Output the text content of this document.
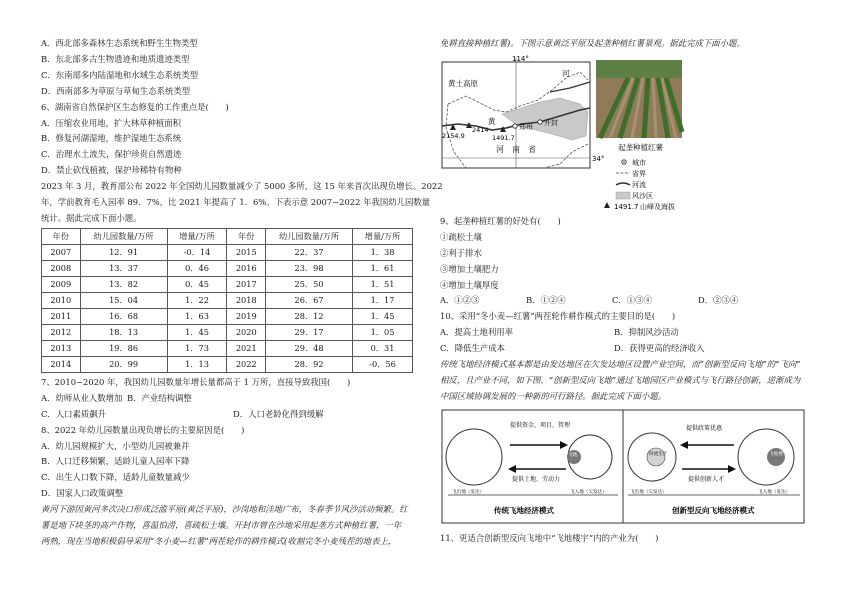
A．西北部多森林生态系统和野生生物类型
B．东北部多古生物遗迹和地质遗迹类型
C．东南部多内陆湿地和水域生态系统类型
D．西南部多为草原与草甸生态系统类型
6、湖南省自然保护区生态修复的工作重点是(　　)
A．压缩农业用地，扩大林草种植面积
B．修复河湖湿地，维护湿地生态系统
C．治理水土流失，保护珍贵自然遗迹
D．禁止砍伐植被，保护珍稀特有物种
2023 年 3 月，教育部公布 2022 年全国幼儿园数量减少了 5000 多所，这 15 年来首次出现负增长。2022
年，学前教育毛入园率 89．7%，比 2021 年提高了 1．6%。下表示意 2007~2022 年我国幼儿园数量
统计。据此完成下面小题。
年份	幼儿园数量/万所	增量/万所	年份	幼儿园数量/万所	增量/万所
2007	12．91	-0．14	2015	22．37	1．38
2008	13．37	0．46	2016	23．98	1．61
2009	13．82	0．45	2017	25．50	1．51
2010	15．04	1．22	2018	26．67	1．17
2011	16．68	1．63	2019	28．12	1．45
2012	18．13	1．45	2020	29．17	1．05
2013	19．86	1．73	2021	29．48	0．31
2014	20．99	1．13	2022	28．92	-0．56
7、2010~2020 年，我国幼儿园数量年增长量都高于 1 万所，直接导致我国(　　)
A．幼师从业人数增加 B．产业结构调整
C．人口素质飙升	D．人口老龄化得到缓解
8、2022 年幼儿园数量出现负增长的主要原因是(　　)
A．幼儿园规模扩大，小型幼儿园被兼并
B．人口迁移频繁，适龄儿童人园率下降
C．出生人口数下降，适龄儿童数量减少
D．国家人口政策调整
黄河下游因黄河多次决口形成泛滥平原(黄泛平原)，沙岗地和洼地广布，冬春季节风沙活动频繁。红
薯是地下块茎的高产作物，喜温怕涝，喜疏松土壤。开封市曾在沙地采用起垄方式种植红薯，一年
两熟，现在当地积极倡导采用“冬小麦—红薯”两茬轮作的耕作模式(收割完冬小麦残茬的地表上，
免耕直接种植红薯)。下图示意黄泛平原及起垄种植红薯景观。据此完成下面小题。
114°
34°
黄土高原
河
黄
郑州 开封
河　南　省
2154.9
2414
1491.7
起垄种植红薯
城市
省界
河流
风沙区
1491.7 山峰及海拔
9、起垄种植红薯的好处有(　　)
①疏松土壤
②利于排水
③增加土壤肥力
④增加土壤厚度
A．①②③	B．①②④	C．①③④	D．②③④
10、采用“冬小麦—红薯”两茬轮作耕作模式的主要目的是(　　)
A．提高土地利用率	B．抑制风沙活动
C．降低生产成本	D．获得更高的经济收入
传统飞地经济模式基本都是由发达地区在欠发达地区设置产业空间，而“创新型反向飞地”的“飞向”
相反，且产业不同，如下图，“创新型反向飞地”通过飞地园区产业模式与飞行路径创新，逆渐成为
中国区域协调发展的一种新的可行路径。据此完成下面小题。
飞地
提供资金、项目、管理
提供土地、劳动力
飞出地（发达）	飞入地（欠发达）
传统飞地经济模式
回流生产	飞地楼宇
提供政策优惠
提供创新人才
飞出地（欠发达）	飞入地（发达）
创新型反向飞地经济模式
11、更适合创新型反向飞地中“飞地楼宇”内的产业为(　　)
